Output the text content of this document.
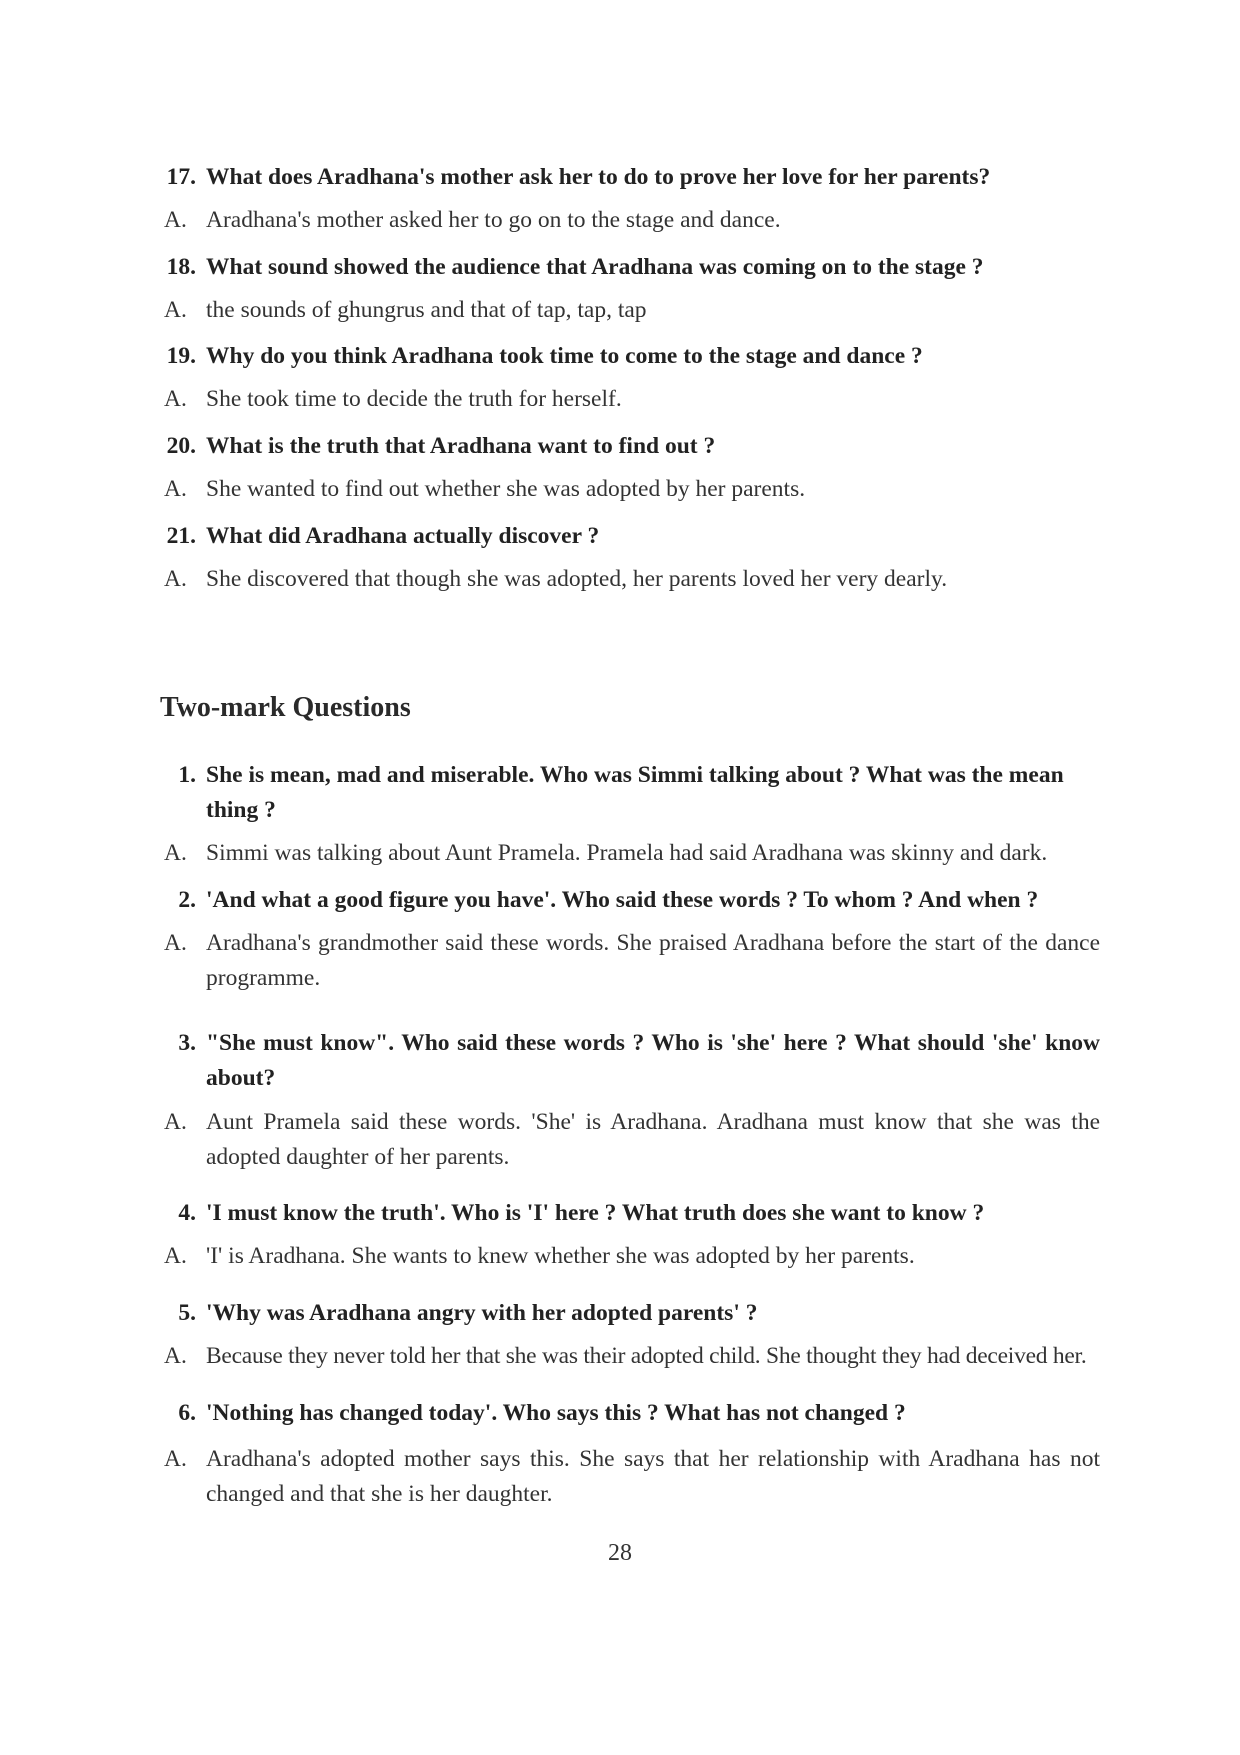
17. What does Aradhana's mother ask her to do to prove her love for her parents?
A. Aradhana's mother asked her to go on to the stage and dance.
18. What sound showed the audience that Aradhana was coming on to the stage ?
A. the sounds of ghungrus and that of tap, tap, tap
19. Why do you think Aradhana took time to come to the stage and dance ?
A. She took time to decide the truth for herself.
20. What is the truth that Aradhana want to find out ?
A. She wanted to find out whether she was adopted by her parents.
21. What did Aradhana actually discover ?
A. She discovered that though she was adopted, her parents loved her very dearly.
Two-mark Questions
1. She is mean, mad and miserable. Who was Simmi talking about ? What was the mean thing ?
A. Simmi was talking about Aunt Pramela. Pramela had said Aradhana was skinny and dark.
2. 'And what a good figure you have'. Who said these words ? To whom ? And when ?
A. Aradhana's grandmother said these words. She praised Aradhana before the start of the dance programme.
3. "She must know". Who said these words ? Who is 'she' here ? What should 'she' know about?
A. Aunt Pramela said these words. 'She' is Aradhana. Aradhana must know that she was the adopted daughter of her parents.
4. 'I must know the truth'. Who is 'I' here ? What truth does she want to know ?
A. 'I' is Aradhana. She wants to knew whether she was adopted by her parents.
5. 'Why was Aradhana angry with her adopted parents' ?
A. Because they never told her that she was their adopted child. She thought they had deceived her.
6. 'Nothing has changed today'. Who says this ? What has not changed ?
A. Aradhana's adopted mother says this. She says that her relationship with Aradhana has not changed and that she is her daughter.
28
